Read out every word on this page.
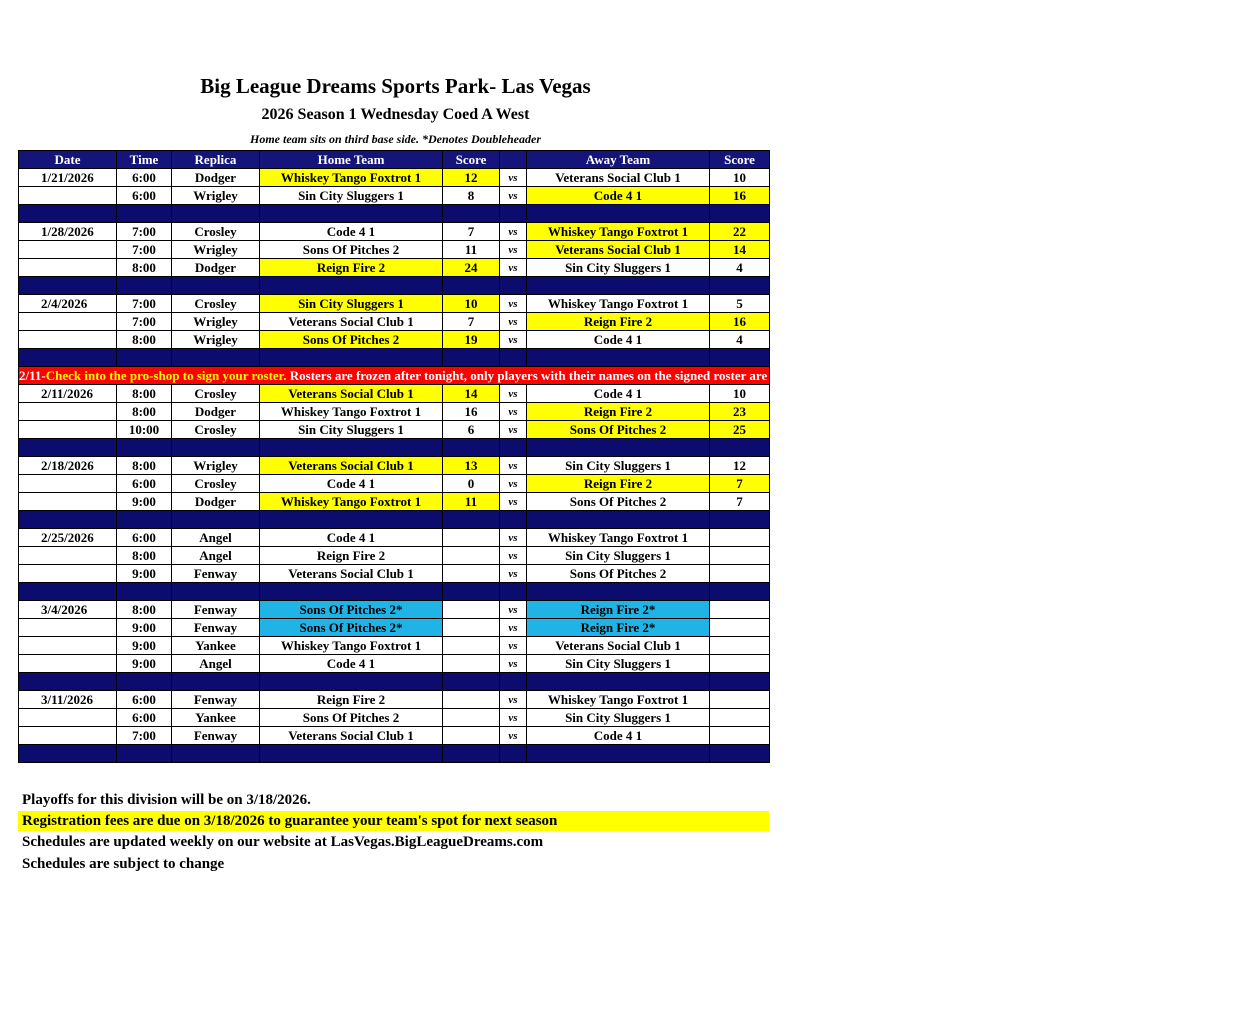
Big League Dreams Sports Park- Las Vegas
2026 Season 1 Wednesday Coed A West
Home team sits on third base side. *Denotes Doubleheader
Date	Time	Replica	Home Team	Score		Away Team	Score
1/21/2026	6:00	Dodger	Whiskey Tango Foxtrot 1	12	vs	Veterans Social Club 1	10
	6:00	Wrigley	Sin City Sluggers 1	8	vs	Code 4 1	16

1/28/2026	7:00	Crosley	Code 4 1	7	vs	Whiskey Tango Foxtrot 1	22
	7:00	Wrigley	Sons Of Pitches 2	11	vs	Veterans Social Club 1	14
	8:00	Dodger	Reign Fire 2	24	vs	Sin City Sluggers 1	4

2/4/2026	7:00	Crosley	Sin City Sluggers 1	10	vs	Whiskey Tango Foxtrot 1	5
	7:00	Wrigley	Veterans Social Club 1	7	vs	Reign Fire 2	16
	8:00	Wrigley	Sons Of Pitches 2	19	vs	Code 4 1	4

2/11-Check into the pro-shop to sign your roster. Rosters are frozen after tonight, only players with their names on the signed roster are eligible for playoffs. Please check carefully as changes will not be made for omissions.							
2/11/2026	8:00	Crosley	Veterans Social Club 1	14	vs	Code 4 1	10
	8:00	Dodger	Whiskey Tango Foxtrot 1	16	vs	Reign Fire 2	23
	10:00	Crosley	Sin City Sluggers 1	6	vs	Sons Of Pitches 2	25

2/18/2026	8:00	Wrigley	Veterans Social Club 1	13	vs	Sin City Sluggers 1	12
	6:00	Crosley	Code 4 1	0	vs	Reign Fire 2	7
	9:00	Dodger	Whiskey Tango Foxtrot 1	11	vs	Sons Of Pitches 2	7

2/25/2026	6:00	Angel	Code 4 1		vs	Whiskey Tango Foxtrot 1	
	8:00	Angel	Reign Fire 2		vs	Sin City Sluggers 1	
	9:00	Fenway	Veterans Social Club 1		vs	Sons Of Pitches 2	

3/4/2026	8:00	Fenway	Sons Of Pitches 2*		vs	Reign Fire 2*	
	9:00	Fenway	Sons Of Pitches 2*		vs	Reign Fire 2*	
	9:00	Yankee	Whiskey Tango Foxtrot 1		vs	Veterans Social Club 1	
	9:00	Angel	Code 4 1		vs	Sin City Sluggers 1	

3/11/2026	6:00	Fenway	Reign Fire 2		vs	Whiskey Tango Foxtrot 1	
	6:00	Yankee	Sons Of Pitches 2		vs	Sin City Sluggers 1	
	7:00	Fenway	Veterans Social Club 1		vs	Code 4 1	

Playoffs for this division will be on 3/18/2026.
Registration fees are due on 3/18/2026 to guarantee your team's spot for next season
Schedules are updated weekly on our website at LasVegas.BigLeagueDreams.com
Schedules are subject to change
